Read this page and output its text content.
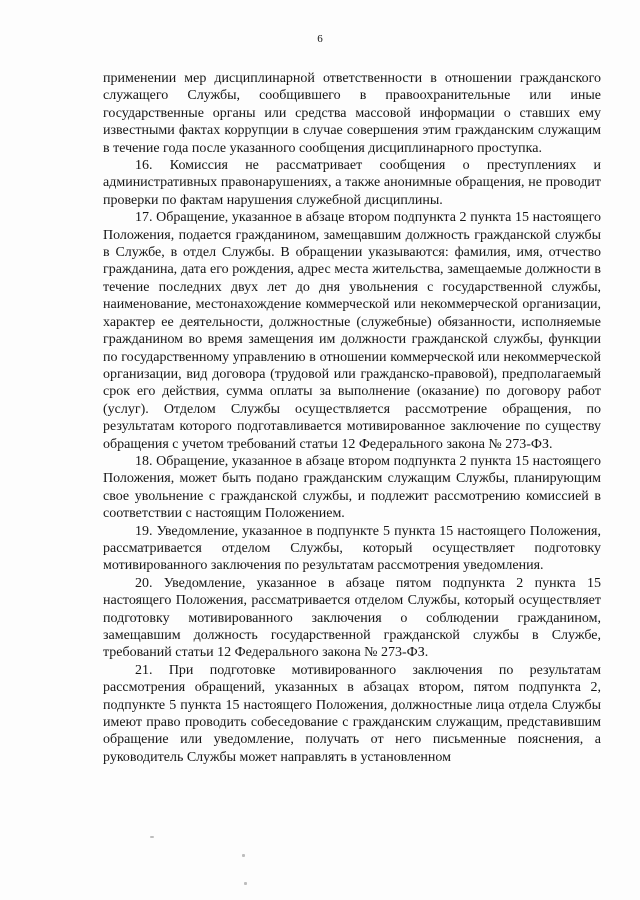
6

применении мер дисциплинарной ответственности в отношении гражданского служащего Службы, сообщившего в правоохранительные или иные государственные органы или средства массовой информации о ставших ему известными фактах коррупции в случае совершения этим гражданским служащим в течение года после указанного сообщения дисциплинарного проступка.

16. Комиссия не рассматривает сообщения о преступлениях и административных правонарушениях, а также анонимные обращения, не проводит проверки по фактам нарушения служебной дисциплины.

17. Обращение, указанное в абзаце втором подпункта 2 пункта 15 настоящего Положения, подается гражданином, замещавшим должность гражданской службы в Службе, в отдел Службы. В обращении указываются: фамилия, имя, отчество гражданина, дата его рождения, адрес места жительства, замещаемые должности в течение последних двух лет до дня увольнения с государственной службы, наименование, местонахождение коммерческой или некоммерческой организации, характер ее деятельности, должностные (служебные) обязанности, исполняемые гражданином во время замещения им должности гражданской службы, функции по государственному управлению в отношении коммерческой или некоммерческой организации, вид договора (трудовой или гражданско-правовой), предполагаемый срок его действия, сумма оплаты за выполнение (оказание) по договору работ (услуг). Отделом Службы осуществляется рассмотрение обращения, по результатам которого подготавливается мотивированное заключение по существу обращения с учетом требований статьи 12 Федерального закона № 273-ФЗ.

18. Обращение, указанное в абзаце втором подпункта 2 пункта 15 настоящего Положения, может быть подано гражданским служащим Службы, планирующим свое увольнение с гражданской службы, и подлежит рассмотрению комиссией в соответствии с настоящим Положением.

19. Уведомление, указанное в подпункте 5 пункта 15 настоящего Положения, рассматривается отделом Службы, который осуществляет подготовку мотивированного заключения по результатам рассмотрения уведомления.

20. Уведомление, указанное в абзаце пятом подпункта 2 пункта 15 настоящего Положения, рассматривается отделом Службы, который осуществляет подготовку мотивированного заключения о соблюдении гражданином, замещавшим должность государственной гражданской службы в Службе, требований статьи 12 Федерального закона № 273-ФЗ.

21. При подготовке мотивированного заключения по результатам рассмотрения обращений, указанных в абзацах втором, пятом подпункта 2, подпункте 5 пункта 15 настоящего Положения, должностные лица отдела Службы имеют право проводить собеседование с гражданским служащим, представившим обращение или уведомление, получать от него письменные пояснения, а руководитель Службы может направлять в установленном
